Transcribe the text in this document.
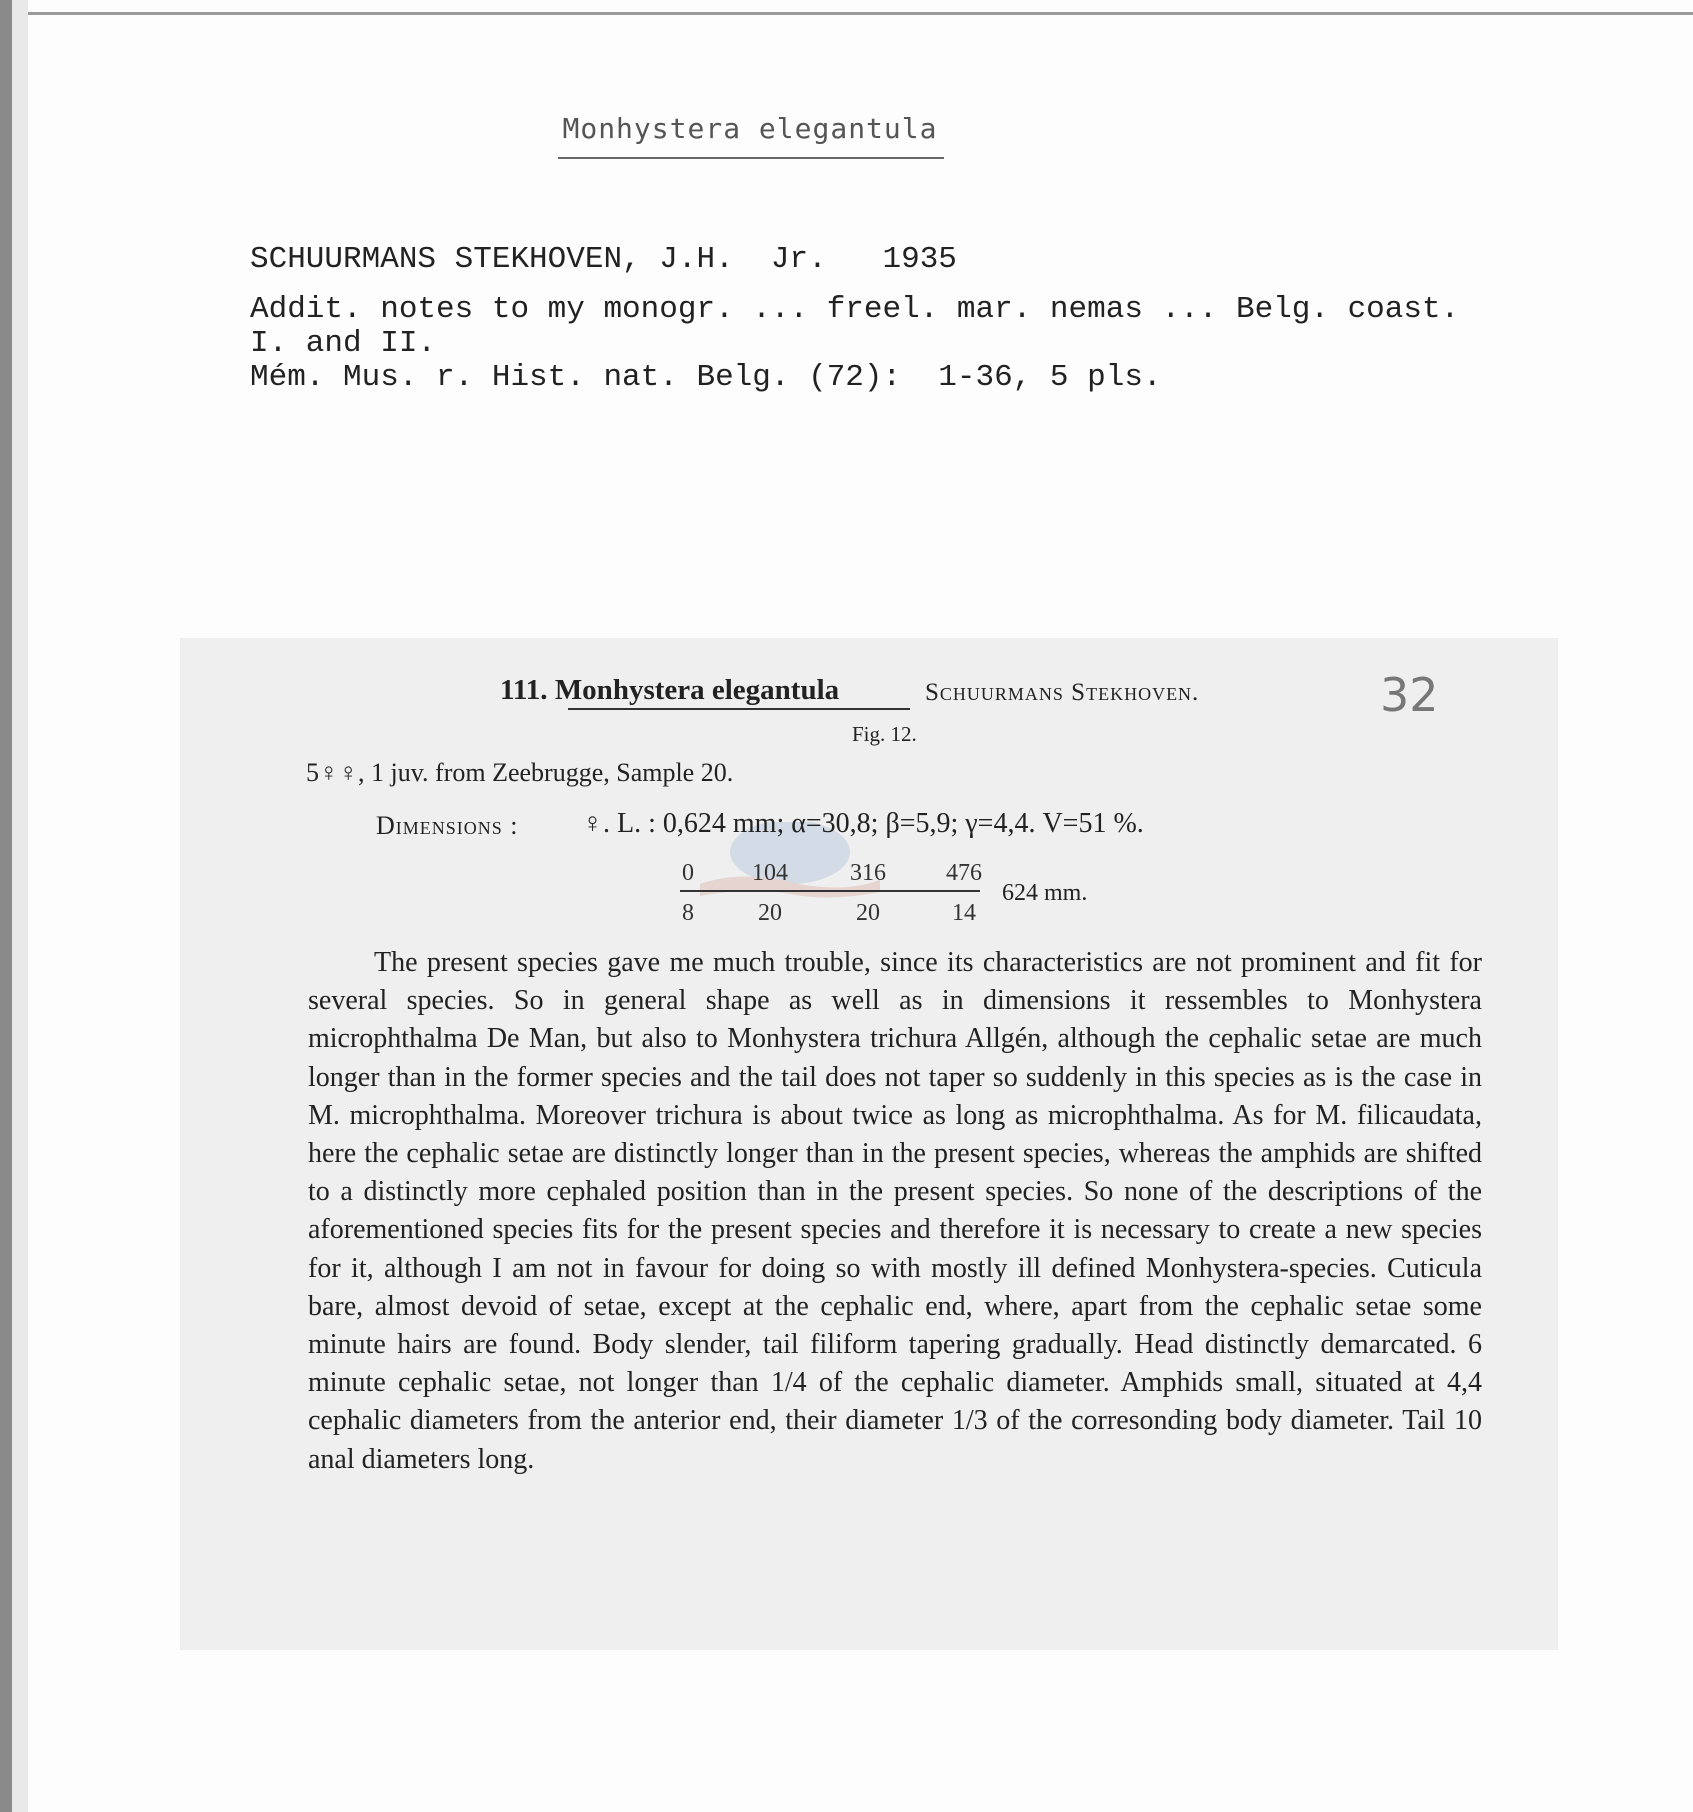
Monhystera elegantula
SCHUURMANS STEKHOVEN, J.H.  Jr.   1935
Addit. notes to my monogr. ... freel. mar. nemas ... Belg. coast.
I. and II.
Mém. Mus. r. Hist. nat. Belg. (72):  1-36, 5 pls.
111. Monhystera elegantula	Schuurmans Stekhoven.	32
Fig. 12.
5♀♀, 1 juv. from Zeebrugge, Sample 20.
Dimensions : ♀. L. : 0,624 mm; α=30,8; β=5,9; γ=4,4. V=51 %.
0	104	316	476
8	20	20	14
624 mm.
The present species gave me much trouble, since its characteristics are not prominent and fit for several species. So in general shape as well as in dimensions it ressembles to Monhystera microphthalma De Man, but also to Monhystera trichura Allgén, although the cephalic setae are much longer than in the former species and the tail does not taper so suddenly in this species as is the case in M. microphthalma. Moreover trichura is about twice as long as microphthalma. As for M. filicaudata, here the cephalic setae are distinctly longer than in the present species, whereas the amphids are shifted to a distinctly more cephaled position than in the present species. So none of the descriptions of the aforementioned species fits for the present species and therefore it is necessary to create a new species for it, although I am not in favour for doing so with mostly ill defined Monhystera-species. Cuticula bare, almost devoid of setae, except at the cephalic end, where, apart from the cephalic setae some minute hairs are found. Body slender, tail filiform tapering gradually. Head distinctly demarcated. 6 minute cephalic setae, not longer than 1/4 of the cephalic diameter. Amphids small, situated at 4,4 cephalic diameters from the anterior end, their diameter 1/3 of the corresonding body diameter. Tail 10 anal diameters long.
